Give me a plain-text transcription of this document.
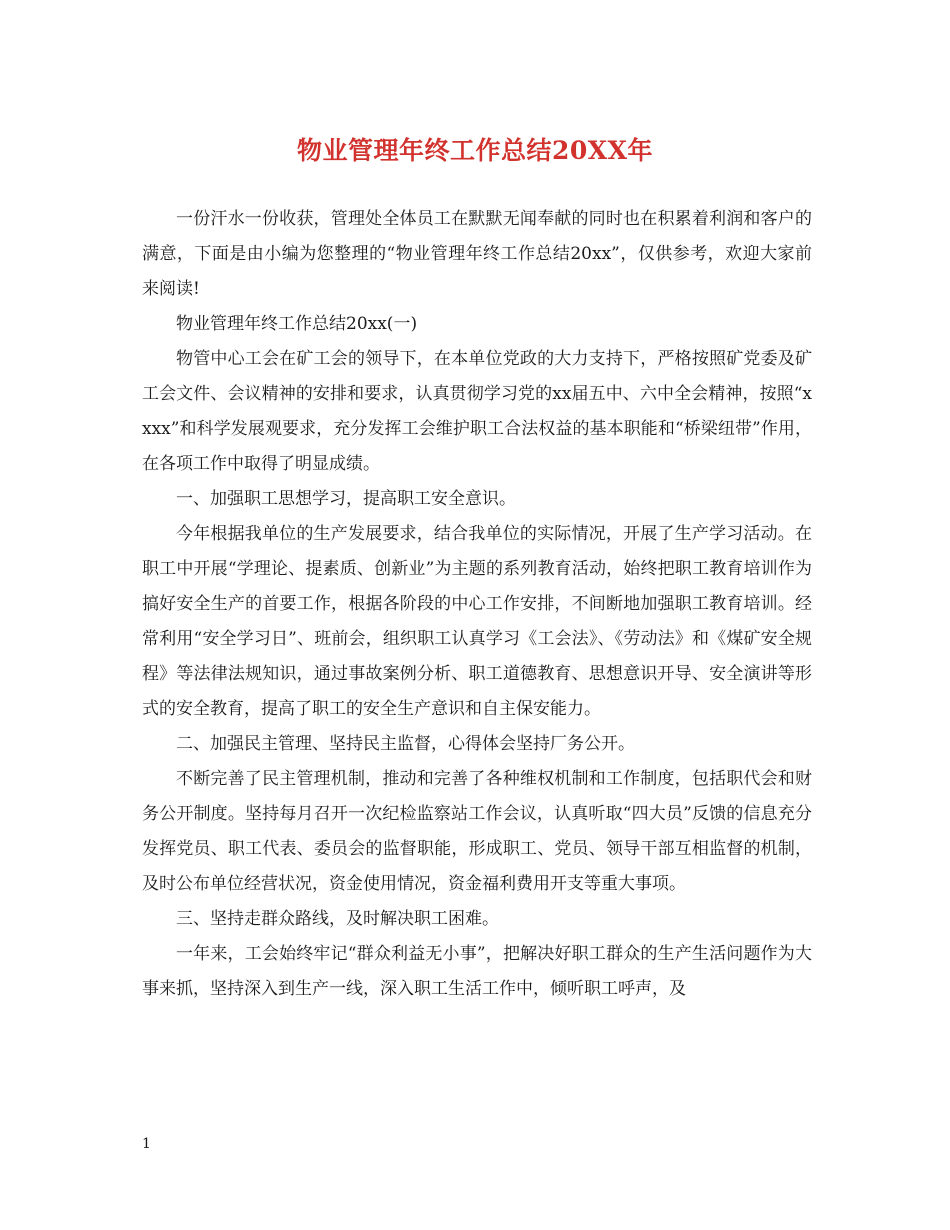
物业管理年终工作总结20XX年

一份汗水一份收获，管理处全体员工在默默无闻奉献的同时也在积累着利润和客户的满意，下面是由小编为您整理的“物业管理年终工作总结20xx”，仅供参考，欢迎大家前来阅读!

物业管理年终工作总结20xx(一)

物管中心工会在矿工会的领导下，在本单位党政的大力支持下，严格按照矿党委及矿工会文件、会议精神的安排和要求，认真贯彻学习党的xx届五中、六中全会精神，按照“xxxx”和科学发展观要求，充分发挥工会维护职工合法权益的基本职能和“桥梁纽带”作用，在各项工作中取得了明显成绩。

一、加强职工思想学习，提高职工安全意识。

今年根据我单位的生产发展要求，结合我单位的实际情况，开展了生产学习活动。在职工中开展“学理论、提素质、创新业”为主题的系列教育活动，始终把职工教育培训作为搞好安全生产的首要工作，根据各阶段的中心工作安排，不间断地加强职工教育培训。经常利用“安全学习日”、班前会，组织职工认真学习《工会法》、《劳动法》和《煤矿安全规程》等法律法规知识，通过事故案例分析、职工道德教育、思想意识开导、安全演讲等形式的安全教育，提高了职工的安全生产意识和自主保安能力。

二、加强民主管理、坚持民主监督，心得体会坚持厂务公开。

不断完善了民主管理机制，推动和完善了各种维权机制和工作制度，包括职代会和财务公开制度。坚持每月召开一次纪检监察站工作会议，认真听取“四大员”反馈的信息充分发挥党员、职工代表、委员会的监督职能，形成职工、党员、领导干部互相监督的机制，及时公布单位经营状况，资金使用情况，资金福利费用开支等重大事项。

三、坚持走群众路线，及时解决职工困难。

一年来，工会始终牢记“群众利益无小事”，把解决好职工群众的生产生活问题作为大事来抓，坚持深入到生产一线，深入职工生活工作中，倾听职工呼声，及

1
